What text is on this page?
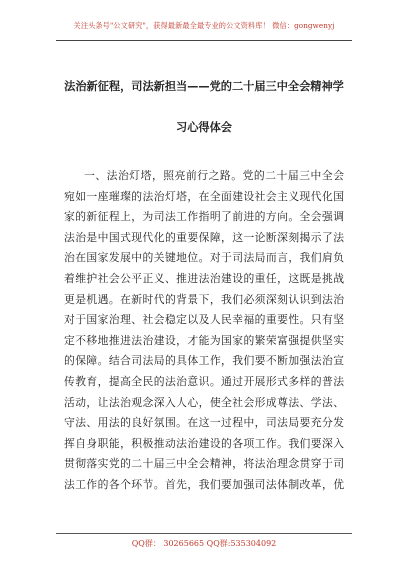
关注头条号"公文研究"，获得最新最全最专业的公文资料库！ 微信：gongwenyj
法治新征程，司法新担当——党的二十届三中全会精神学
习心得体会
一、法治灯塔，照亮前行之路。党的二十届三中全会
宛如一座璀璨的法治灯塔，在全面建设社会主义现代化国
家的新征程上，为司法工作指明了前进的方向。全会强调
法治是中国式现代化的重要保障，这一论断深刻揭示了法
治在国家发展中的关键地位。对于司法局而言，我们肩负
着维护社会公平正义、推进法治建设的重任，这既是挑战
更是机遇。在新时代的背景下，我们必须深刻认识到法治
对于国家治理、社会稳定以及人民幸福的重要性。只有坚
定不移地推进法治建设，才能为国家的繁荣富强提供坚实
的保障。结合司法局的具体工作，我们要不断加强法治宣
传教育，提高全民的法治意识。通过开展形式多样的普法
活动，让法治观念深入人心，使全社会形成尊法、学法、
守法、用法的良好氛围。在这一过程中，司法局要充分发
挥自身职能，积极推动法治建设的各项工作。我们要深入
贯彻落实党的二十届三中全会精神，将法治理念贯穿于司
法工作的各个环节。首先，我们要加强司法体制改革，优
QQ群： 30265665 QQ群:535304092
